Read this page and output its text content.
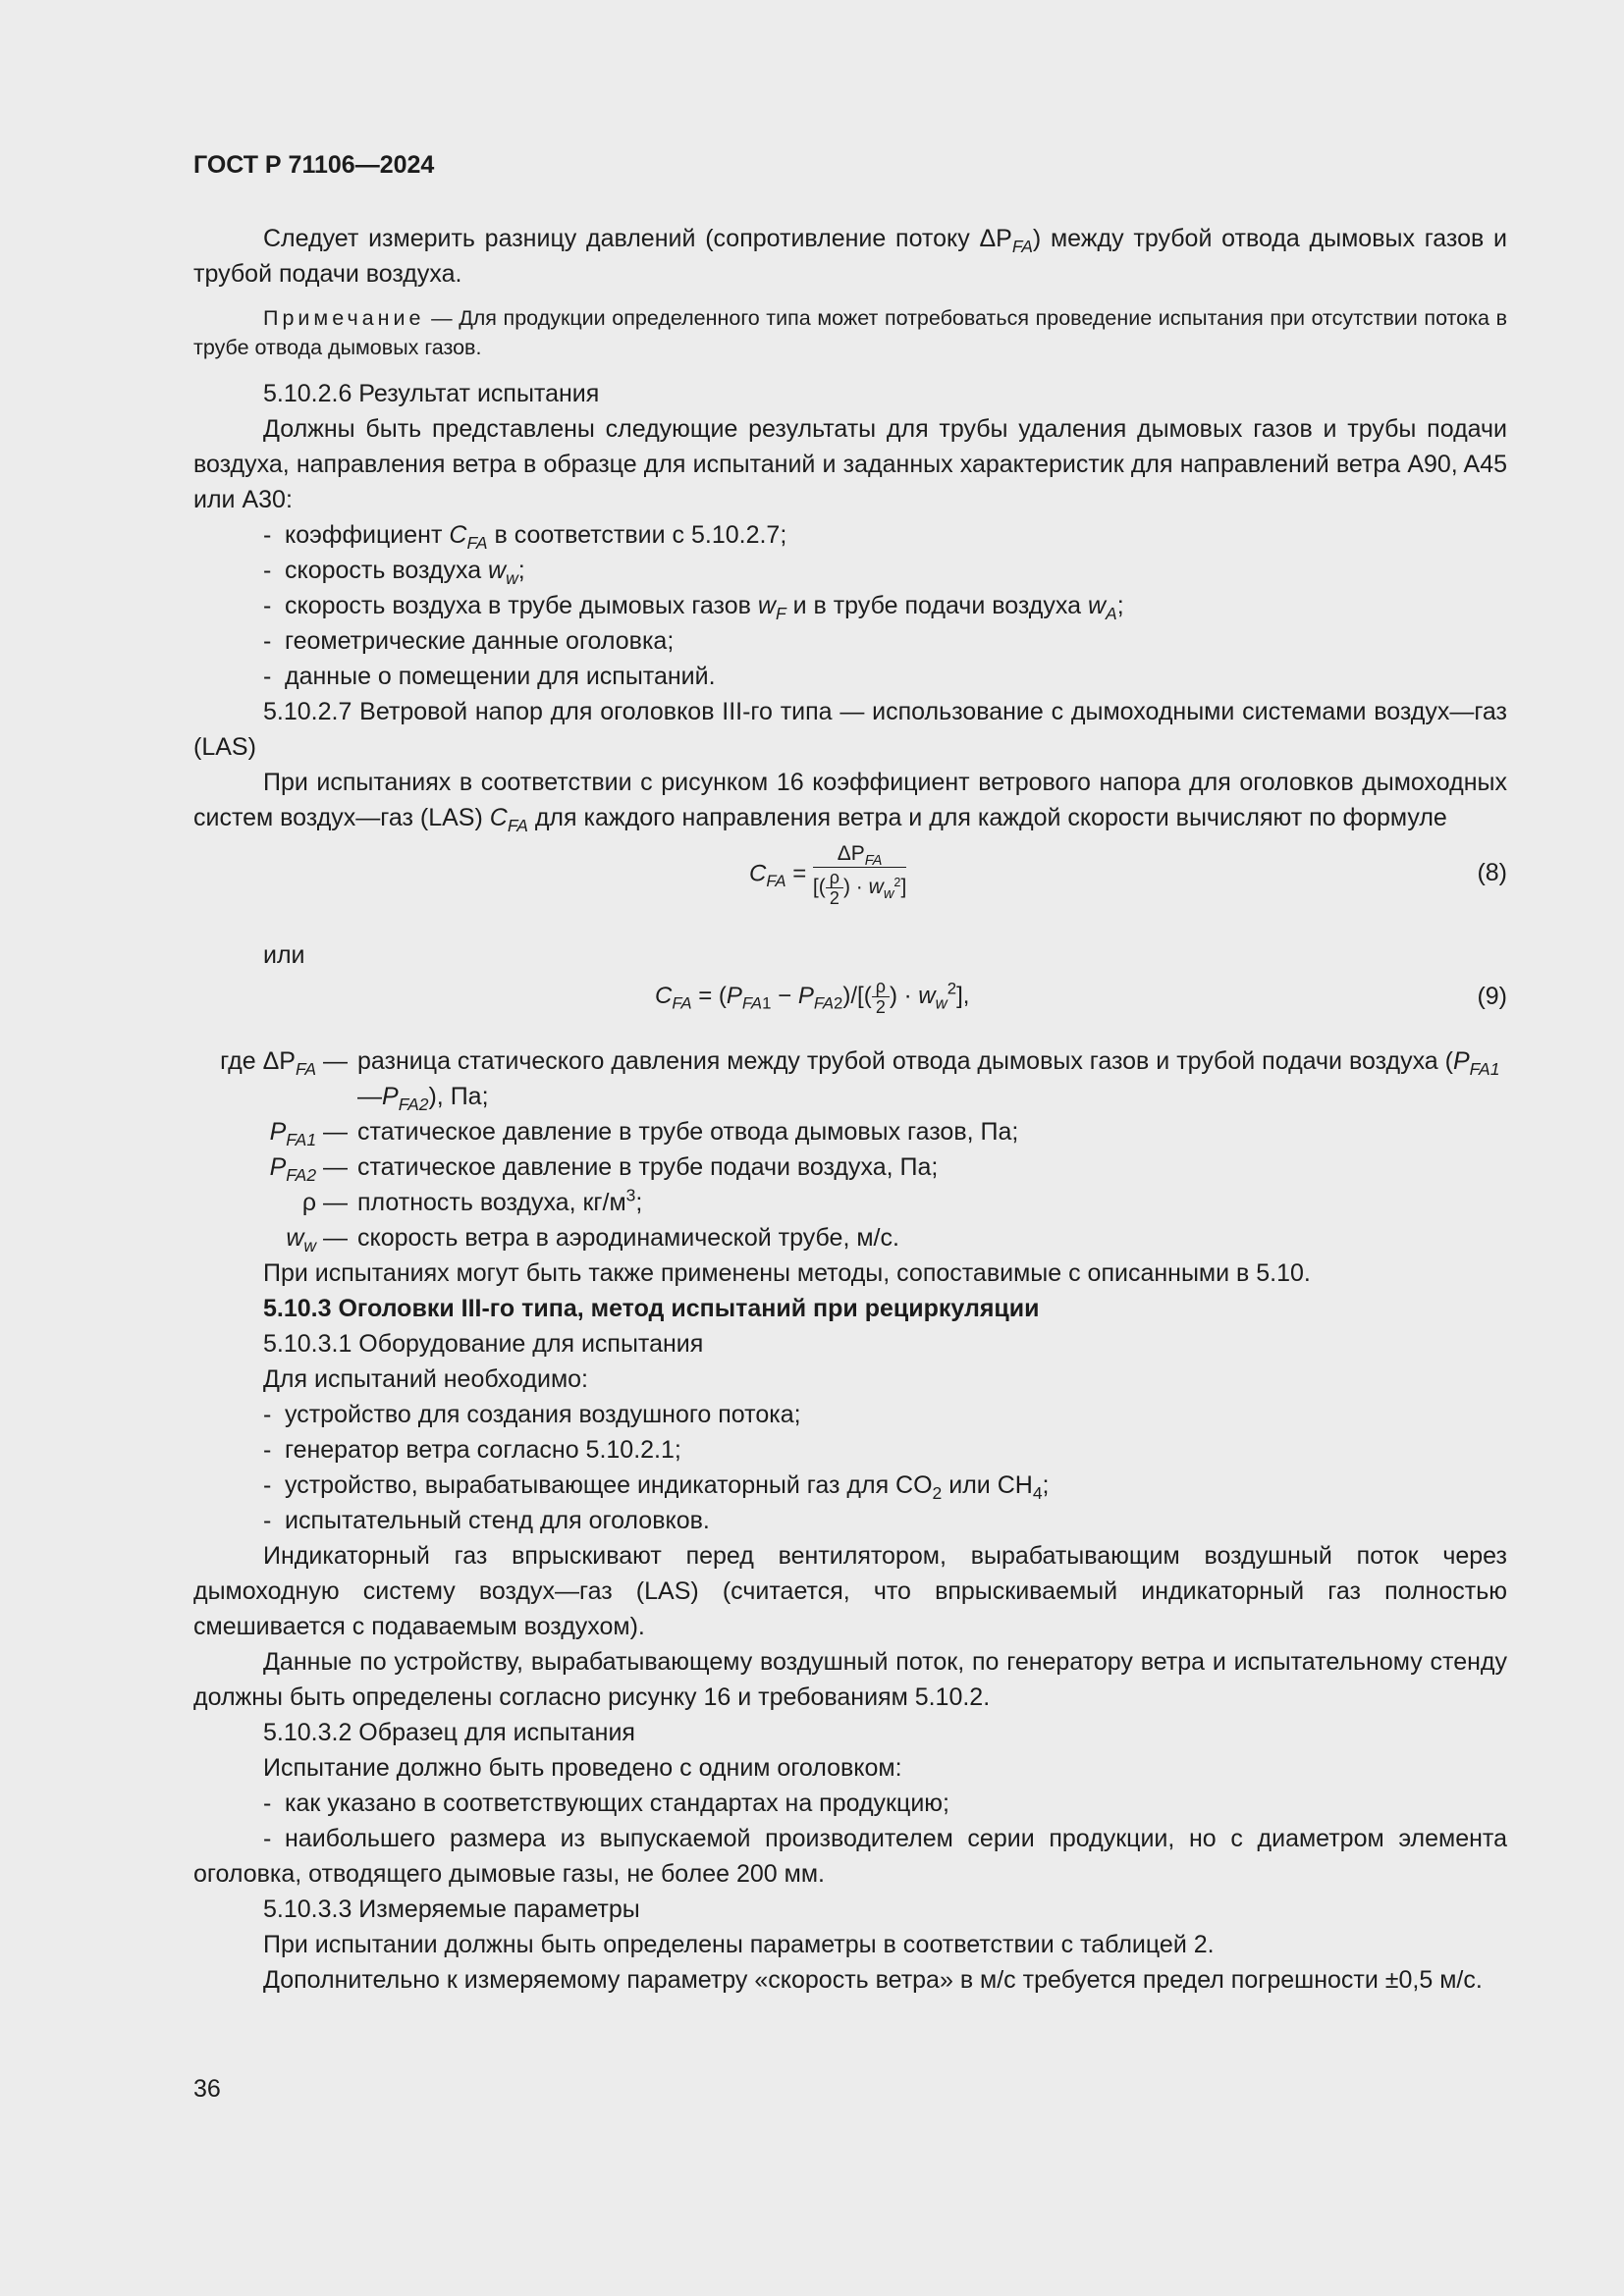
ГОСТ Р 71106—2024

Следует измерить разницу давлений (сопротивление потоку $\Delta P_{FA}$) между трубой отвода дымовых газов и трубой подачи воздуха.

Примечание — Для продукции определенного типа может потребоваться проведение испытания при отсутствии потока в трубе отвода дымовых газов.

5.10.2.6 Результат испытания

Должны быть представлены следующие результаты для трубы удаления дымовых газов и трубы подачи воздуха, направления ветра в образце для испытаний и заданных характеристик для направлений ветра A90, A45 или A30:

- коэффициент $C_{FA}$ в соответствии с 5.10.2.7;

- скорость воздуха $w_w$;

- скорость воздуха в трубе дымовых газов $w_F$ и в трубе подачи воздуха $w_A$;

- геометрические данные оголовка;

- данные о помещении для испытаний.

5.10.2.7 Ветровой напор для оголовков III-го типа — использование с дымоходными системами воздух—газ (LAS)

При испытаниях в соответствии с рисунком 16 коэффициент ветрового напора для оголовков дымоходных систем воздух—газ (LAS) $C_{FA}$ для каждого направления ветра и для каждой скорости вычисляют по формуле

$C_{FA} = \frac{\Delta P_{FA}}{[( \frac{\rho}{2} ) \cdot w_w^2]}$	(8)

или

$C_{FA} = (P_{FA1} - P_{FA2})/[( \frac{\rho}{2}$ ) · $w_w^2$],	(9)
где $\Delta P_{FA}$ — разница статического давления между трубой отвода дымовых газов и трубой подачи воздуха $(P_{FA1}—P_{FA2})$, Па;
$P_{FA1}$ — статическое давление в трубе отвода дымовых газов, Па;
$P_{FA2}$ — статическое давление в трубе подачи воздуха, Па;
ρ — плотность воздуха, $кг/м^3$;
$w_w$ — скорость ветра в аэродинамической трубе, м/с.

При испытаниях могут быть также применены методы, сопоставимые с описанными в 5.10.

5.10.3 Оголовки III-го типа, метод испытаний при рециркуляции

5.10.3.1 Оборудование для испытания

Для испытаний необходимо:

- устройство для создания воздушного потока;

- генератор ветра согласно 5.10.2.1;

- устройство, вырабатывающее индикаторный газ для $CO_2$ или $CH_4$;

- испытательный стенд для оголовков.

Индикаторный газ впрыскивают перед вентилятором, вырабатывающим воздушный поток через дымоходную систему воздух—газ (LAS) (считается, что впрыскиваемый индикаторный газ полностью смешивается с подаваемым воздухом).

Данные по устройству, вырабатывающему воздушный поток, по генератору ветра и испытательному стенду должны быть определены согласно рисунку 16 и требованиям 5.10.2.

5.10.3.2 Образец для испытания

Испытание должно быть проведено с одним оголовком:

- как указано в соответствующих стандартах на продукцию;

- наибольшего размера из выпускаемой производителем серии продукции, но с диаметром элемента оголовка, отводящего дымовые газы, не более 200 мм.

5.10.3.3 Измеряемые параметры

При испытании должны быть определены параметры в соответствии с таблицей 2.

Дополнительно к измеряемому параметру «скорость ветра» в м/с требуется предел погрешности ±0,5 м/с.

36
